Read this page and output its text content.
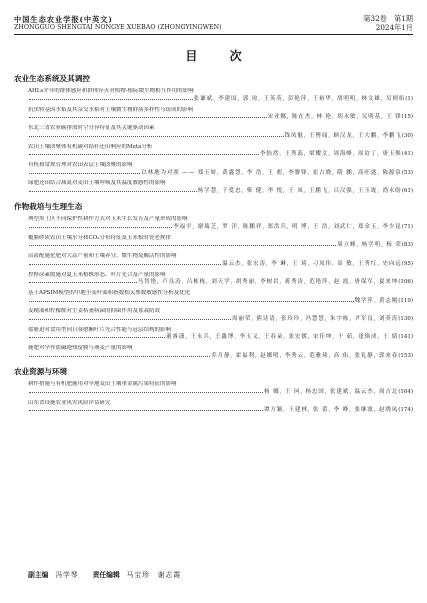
中国生态农业学报(中英文)
ZHONGGUO SHENGTAI NONGYE XUEBAO (ZHONGYINGWEN)
第32卷　第1期
2024年1月
目 次
农业生态系统及其调控
AHLs介导的群体感应和群体淬灭对植物-根际微生物相互作用的影响
张谦斌, 李建国, 郭 琼, 王英英, 彭艳萍, 王裕华, 胡明明, 林文雄, 吴则焰 (1)
抗虫转基因水稻及其杂交水稻对土壤微生物群落多样性与组成的影响
宋亚娜, 陈在杰, 林 艳, 胡永敏, 吴明基, 王 锋 (15)
东北三省农业碳排放时空分异特征及其关键驱动因素
钱凤魁, 王博闻, 顾汉龙, 王大鹏, 李鹏飞 (30)
农田土壤团聚体有机碳对秸秆还田响应的Meta分析
李怡然, 王秀蕊, 梁耀文, 周海峰, 周谊丁, 唐玉焕 (41)
有机和常规管理对农田表层土壤团聚的影响
以林地为对照 —— 郑玉娇, 黄鑫慧, 李 浩, 王 彪, 李譽锋, 崔吉晓, 隋 鹏, 高旺盛, 陈源泉 (53)
绿肥还田结合减氮对麦田土壤呼吸及其温度敏感性的影响
杨学慧, 于爱忠, 柴 健, 李 悦, 王 凤, 王鹏飞, 吕汉强, 王玉珑, 尚永盼 (61)
作物栽培与生理生态
典型黑土区不同保护性耕作方式对玉米生长发育及产量形成的影响
李福平, 谢瑞芝, 罗 洋, 陈鹏祥, 郑洪兵, 明 博, 王 浩, 刘武仁, 郑金玉, 李少昆 (71)
覆膜砂质农田土壤水分和CO₂分布特征及玉米根时瓷老规律
周立峰, 杨学明, 杨 荣 (83)
沼液配施化肥对大蒜产量和土壤养分、微生物及酶活性的影响
温云杰, 张宏涛, 李 琳, 王 琦, 刁凤伟, 高 敏, 王秀红, 史向远 (95)
控释尿素缓施对夏玉米植株形态、叶片光合及产量的影响
马智艳, 卢良涛, 吕栋栋, 刘天学, 胡秀丽, 李树岩, 蒋秀涛, 范艳萍, 赵 霞, 唐保军, 夏来坤 (106)
基于APSIM模型的甲地小麦叶面积指数相关参数敏感性分析及优化
魏学萍, 黄志刚 (119)
姜精油和柠檬醛对生姜枯萎病菌的抑菌作用及盆栽防效
周丽荣, 熊诗清, 张玲玲, 冯慧慧, 朱宇栋, 尹军良, 刘英涛 (130)
盐胁迫对食用型向日葵嗯酮叶片光合性能与冠层结构的影响
董睿潇, 王永兵, 王鑫博, 李玉义, 王春朵, 张宏媛, 宋佳坤, 于 茹, 逢焕成, 王 婧 (141)
施肥对旱作盐碱地残留膜与燕麦产量的影响
乔月静, 霍福利, 赵娜明, 李秀云, 范雅琦, 高 佑, 张礼静, 郭来春 (153)
农业资源与环境
耕作措施与有机肥施用对旱地麦田土壤重金属污染特征的影响
杨 娜, 王 珂, 杨忠国, 张建斌, 温云杰, 周吉北 (164)
山东省设施农业风灾风险评估研究
谭方颖, 王建林, 张 蕾, 李 峰, 张继波, 赵晓凤 (174)
副主编　 冯学琴 责任编辑　 马宝珍　谢志霞
